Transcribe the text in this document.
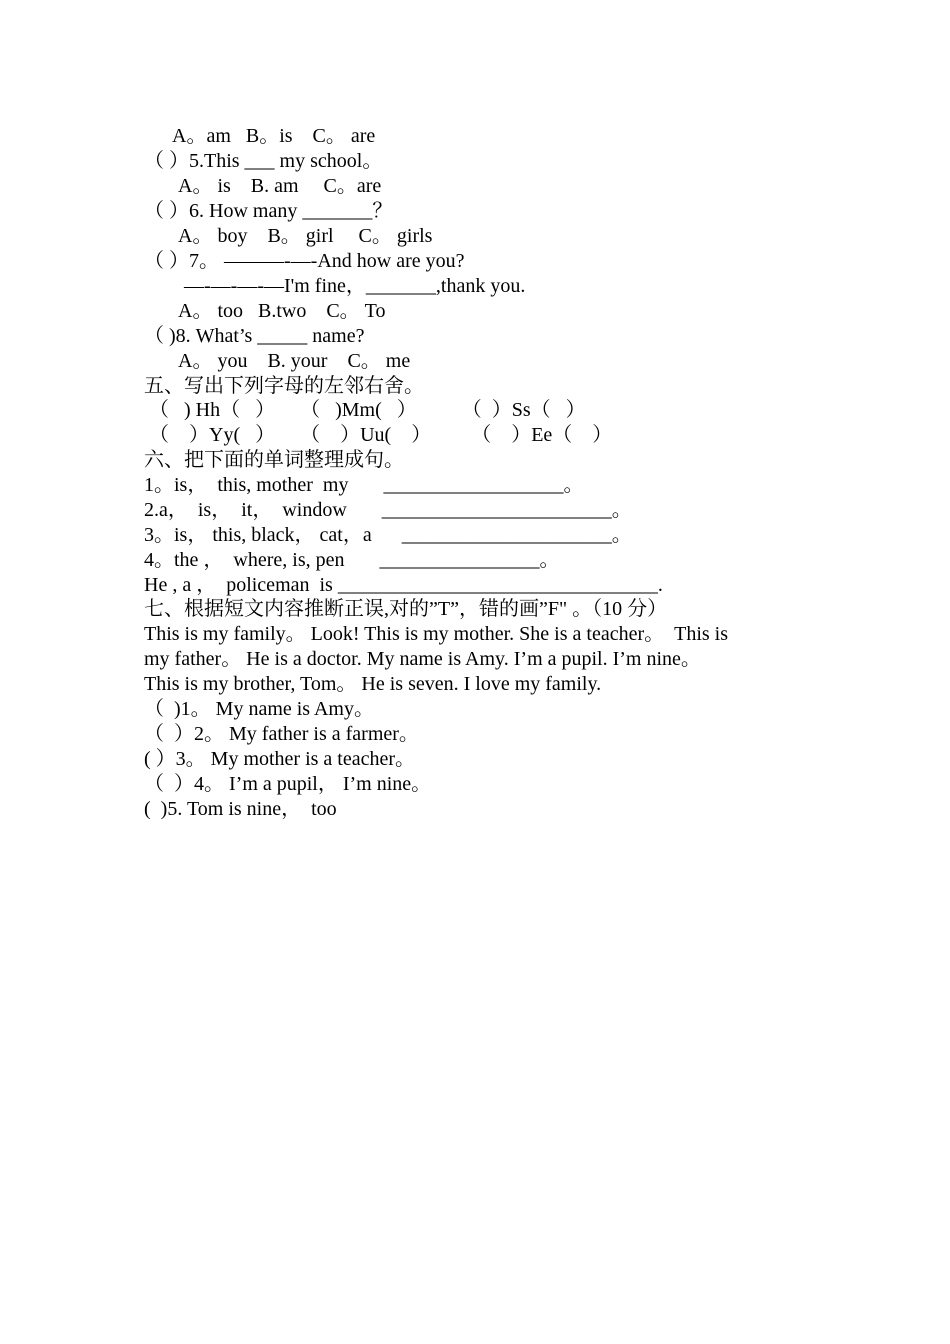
A。am   B。is    C。 are
（ ）5.This ___ my school。
A。 is    B. am     C。are
（ ）6. How many _______？
A。 boy    B。 girl     C。 girls
（ ）7。 ———-—-And how are you?
—-—-—-—I'm fine，_______,thank you.
A。 too   B.two    C。 To
（ )8. What’s _____ name?
A。 you    B. your    C。 me
五、写出下列字母的左邻右舍。
（   ) Hh（   ）     （   )Mm(   ）         （  ）Ss（   ）
（    ）Yy(   ）     （    ）Uu(    ）        （    ）Ee（    ）
六、把下面的单词整理成句。
1。is，  this, mother  my       __________________。
2.a，  is，  it，  window       _______________________。
3。is， this, black， cat，a      _____________________。
4。the ，  where, is, pen       ________________。
He , a ，  policeman  is ________________________________.
七、根据短文内容推断正误,对的”T”，错的画”F" 。（10 分）
This is my family。 Look! This is my mother. She is a teacher。  This is
my father。 He is a doctor. My name is Amy. I’m a pupil. I’m nine。
This is my brother, Tom。 He is seven. I love my family.
（  )1。 My name is Amy。
（  ）2。 My father is a farmer。
( ）3。 My mother is a teacher。
（  ）4。 I’m a pupil， I’m nine。
(  )5. Tom is nine，  too
